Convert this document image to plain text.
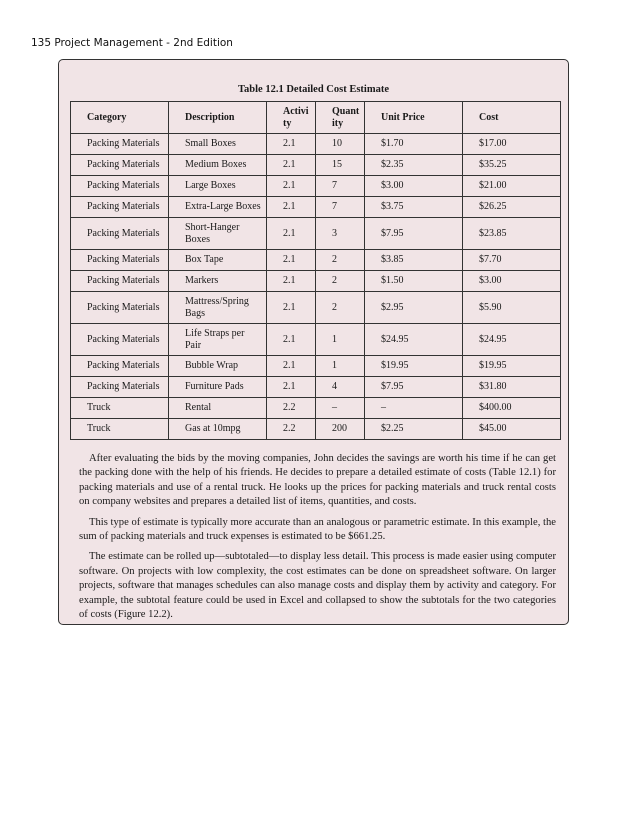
135 Project Management - 2nd Edition
Table 12.1 Detailed Cost Estimate
Category	Description	Activi ty	Quant ity	Unit Price	Cost
Packing Materials	Small Boxes	2.1	10	$1.70	$17.00
Packing Materials	Medium Boxes	2.1	15	$2.35	$35.25
Packing Materials	Large Boxes	2.1	7	$3.00	$21.00
Packing Materials	Extra-Large Boxes	2.1	7	$3.75	$26.25
Packing Materials	Short-Hanger Boxes	2.1	3	$7.95	$23.85
Packing Materials	Box Tape	2.1	2	$3.85	$7.70
Packing Materials	Markers	2.1	2	$1.50	$3.00
Packing Materials	Mattress/Spring Bags	2.1	2	$2.95	$5.90
Packing Materials	Life Straps per Pair	2.1	1	$24.95	$24.95
Packing Materials	Bubble Wrap	2.1	1	$19.95	$19.95
Packing Materials	Furniture Pads	2.1	4	$7.95	$31.80
Truck	Rental	2.2	–	–	$400.00
Truck	Gas at 10mpg	2.2	200	$2.25	$45.00

After evaluating the bids by the moving companies, John decides the savings are worth his time if he can get the packing done with the help of his friends. He decides to prepare a detailed estimate of costs (Table 12.1) for packing materials and use of a rental truck. He looks up the prices for packing materials and truck rental costs on company websites and prepares a detailed list of items, quantities, and costs.

This type of estimate is typically more accurate than an analogous or parametric estimate. In this example, the sum of packing materials and truck expenses is estimated to be $661.25.

The estimate can be rolled up—subtotaled—to display less detail. This process is made easier using computer software. On projects with low complexity, the cost estimates can be done on spreadsheet software. On larger projects, software that manages schedules can also manage costs and display them by activity and category. For example, the subtotal feature could be used in Excel and collapsed to show the subtotals for the two categories of costs (Figure 12.2).
